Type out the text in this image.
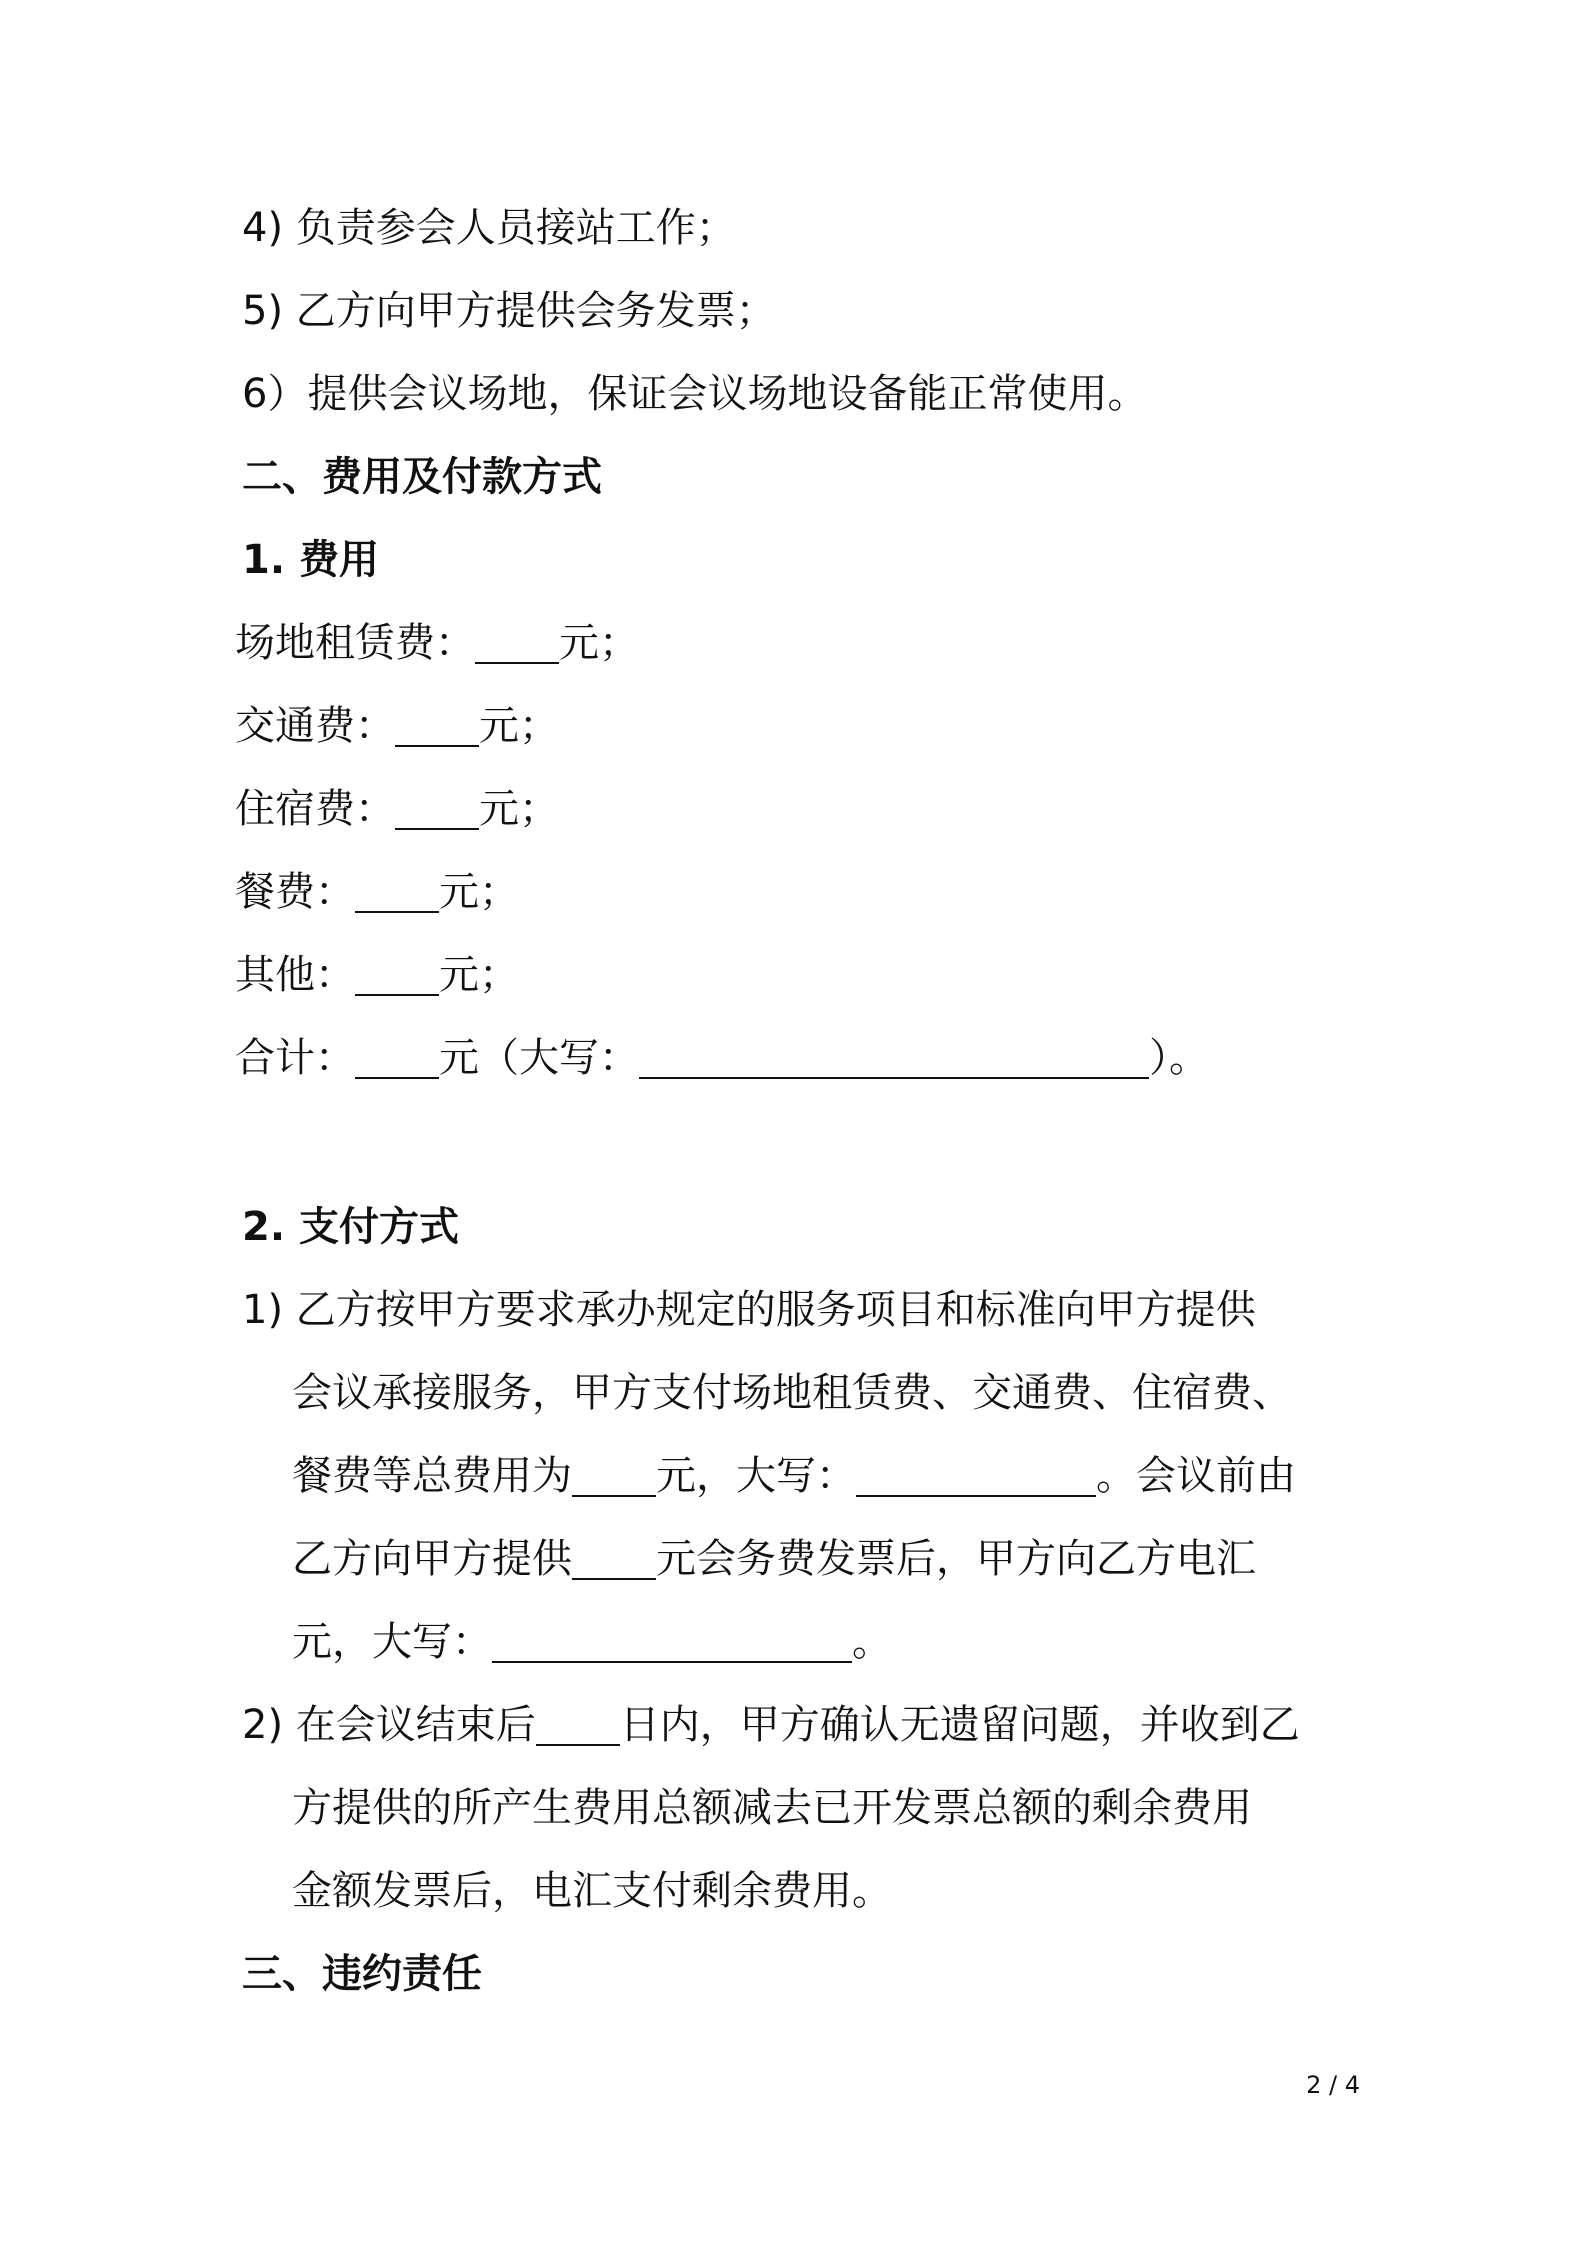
4) 负责参会人员接站工作；
5) 乙方向甲方提供会务发票；
6）提供会议场地，保证会议场地设备能正常使用。
二、费用及付款方式
1. 费用
场地租赁费： 元；
交通费： 元；
住宿费： 元；
餐费： 元；
其他： 元；
合计： 元（大写：	）。
2. 支付方式
1) 乙方按甲方要求承办规定的服务项目和标准向甲方提供
会议承接服务，甲方支付场地租赁费、交通费、住宿费、
餐费等总费用为 元，大写：	。会议前由
乙方向甲方提供 元会务费发票后，甲方向乙方电汇
元，大写：	。
2) 在会议结束后 日内，甲方确认无遗留问题，并收到乙
方提供的所产生费用总额减去已开发票总额的剩余费用
金额发票后，电汇支付剩余费用。
三、违约责任
2 / 4
